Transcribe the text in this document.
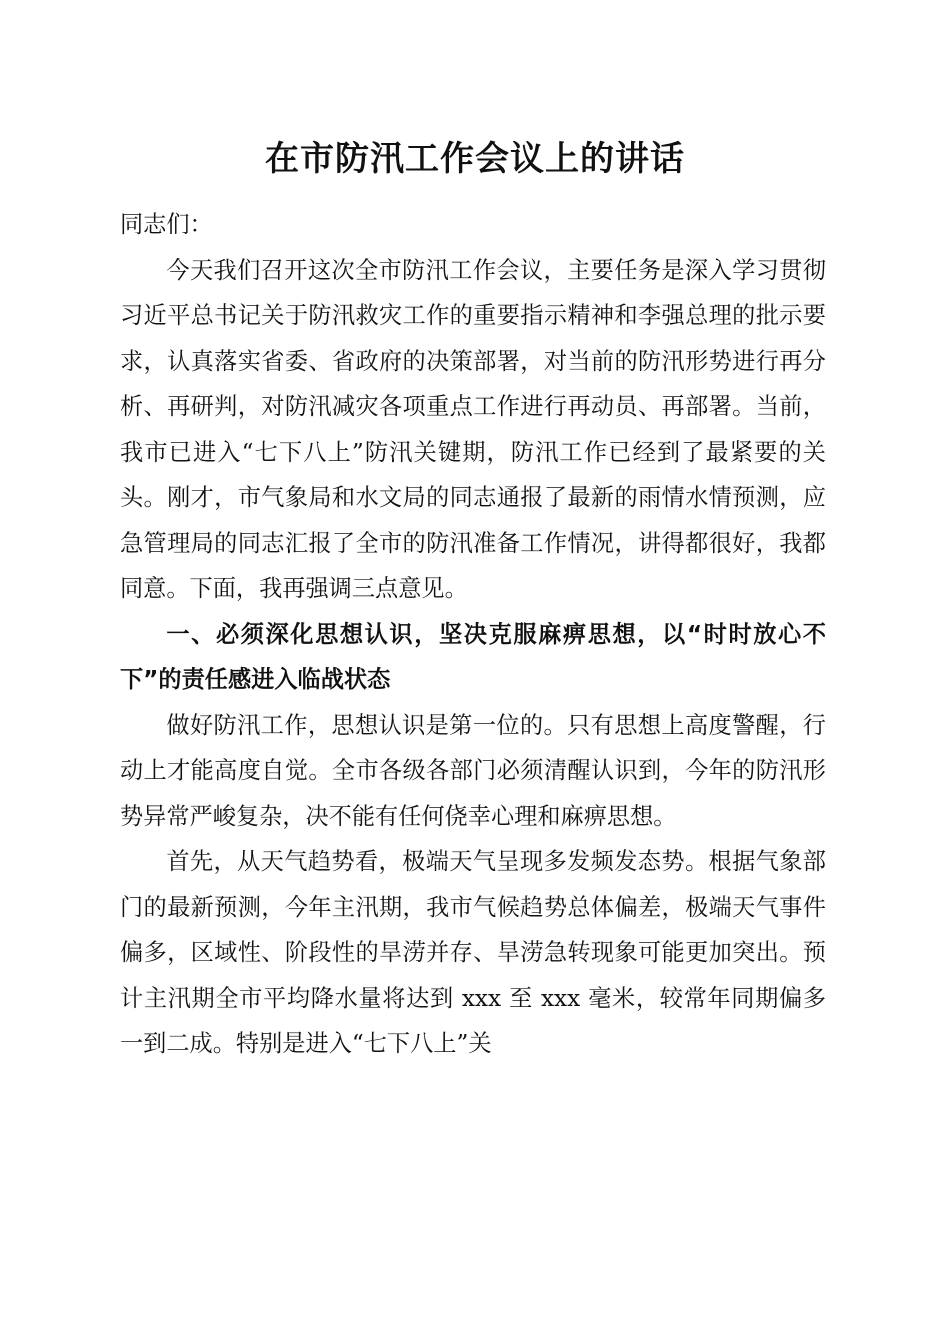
在市防汛工作会议上的讲话

同志们：

今天我们召开这次全市防汛工作会议，主要任务是深入学习贯彻习近平总书记关于防汛救灾工作的重要指示精神和李强总理的批示要求，认真落实省委、省政府的决策部署，对当前的防汛形势进行再分析、再研判，对防汛减灾各项重点工作进行再动员、再部署。当前，我市已进入“七下八上”防汛关键期，防汛工作已经到了最紧要的关头。刚才，市气象局和水文局的同志通报了最新的雨情水情预测，应急管理局的同志汇报了全市的防汛准备工作情况，讲得都很好，我都同意。下面，我再强调三点意见。

一、必须深化思想认识，坚决克服麻痹思想，以“时时放心不下”的责任感进入临战状态

做好防汛工作，思想认识是第一位的。只有思想上高度警醒，行动上才能高度自觉。全市各级各部门必须清醒认识到，今年的防汛形势异常严峻复杂，决不能有任何侥幸心理和麻痹思想。

首先，从天气趋势看，极端天气呈现多发频发态势。根据气象部门的最新预测，今年主汛期，我市气候趋势总体偏差，极端天气事件偏多，区域性、阶段性的旱涝并存、旱涝急转现象可能更加突出。预计主汛期全市平均降水量将达到 xxx 至 xxx 毫米，较常年同期偏多一到二成。特别是进入“七下八上”关
